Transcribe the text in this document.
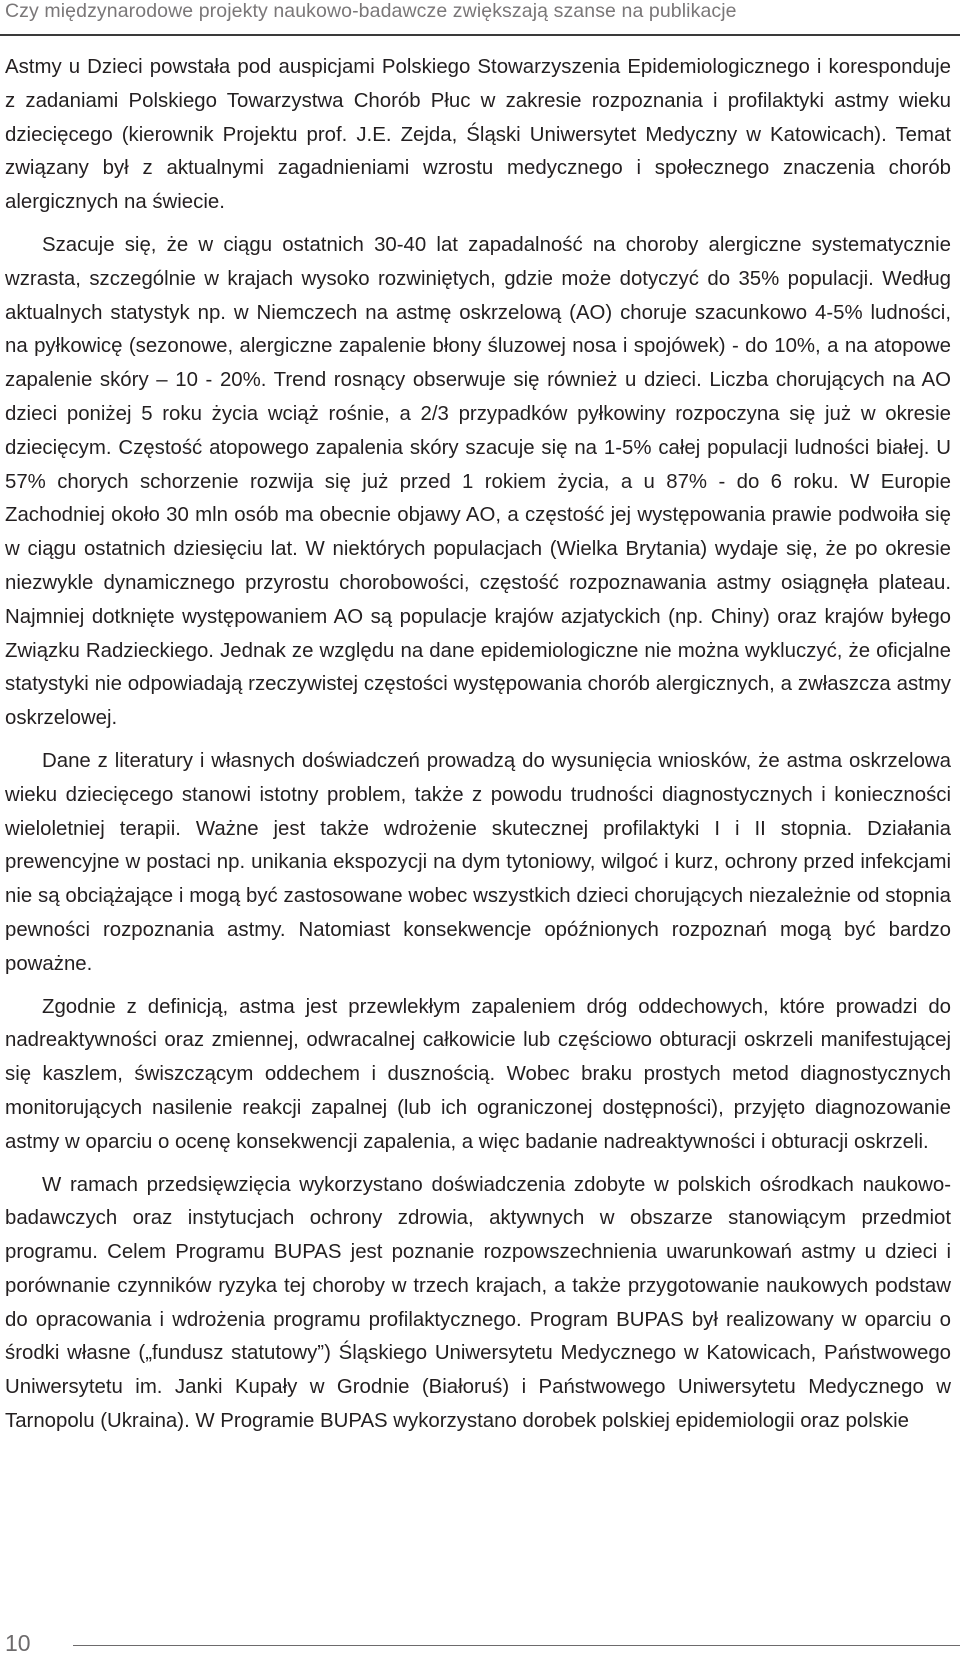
Czy międzynarodowe projekty naukowo-badawcze zwiększają szanse na publikacje

Astmy u Dzieci powstała pod auspicjami Polskiego Stowarzyszenia Epidemiologicznego i koresponduje z zadaniami Polskiego Towarzystwa Chorób Płuc w zakresie rozpoznania i profilaktyki astmy wieku dziecięcego (kierownik Projektu prof. J.E. Zejda, Śląski Uniwersytet Medyczny w Katowicach). Temat związany był z aktualnymi zagadnieniami wzrostu medycznego i społecznego znaczenia chorób alergicznych na świecie.

Szacuje się, że w ciągu ostatnich 30-40 lat zapadalność na choroby alergiczne systematycznie wzrasta, szczególnie w krajach wysoko rozwiniętych, gdzie może dotyczyć do 35% populacji. Według aktualnych statystyk np. w Niemczech na astmę oskrzelową (AO) choruje szacunkowo 4-5% ludności, na pyłkowicę (sezonowe, alergiczne zapalenie błony śluzowej nosa i spojówek) - do 10%, a na atopowe zapalenie skóry – 10 - 20%. Trend rosnący obserwuje się również u dzieci. Liczba chorujących na AO dzieci poniżej 5 roku życia wciąż rośnie, a 2/3 przypadków pyłkowiny rozpoczyna się już w okresie dziecięcym. Częstość atopowego zapalenia skóry szacuje się na 1-5% całej populacji ludności białej. U 57% chorych schorzenie rozwija się już przed 1 rokiem życia, a u 87% - do 6 roku. W Europie Zachodniej około 30 mln osób ma obecnie objawy AO, a częstość jej występowania prawie podwoiła się w ciągu ostatnich dziesięciu lat. W niektórych populacjach (Wielka Brytania) wydaje się, że po okresie niezwykle dynamicznego przyrostu chorobowości, częstość rozpoznawania astmy osiągnęła plateau. Najmniej dotknięte występowaniem AO są populacje krajów azjatyckich (np. Chiny) oraz krajów byłego Związku Radzieckiego. Jednak ze względu na dane epidemiologiczne nie można wykluczyć, że oficjalne statystyki nie odpowiadają rzeczywistej częstości występowania chorób alergicznych, a zwłaszcza astmy oskrzelowej.

Dane z literatury i własnych doświadczeń prowadzą do wysunięcia wniosków, że astma oskrzelowa wieku dziecięcego stanowi istotny problem, także z powodu trudności diagnostycznych i konieczności wieloletniej terapii. Ważne jest także wdrożenie skutecznej profilaktyki I i II stopnia. Działania prewencyjne w postaci np. unikania ekspozycji na dym tytoniowy, wilgoć i kurz, ochrony przed infekcjami nie są obciążające i mogą być zastosowane wobec wszystkich dzieci chorujących niezależnie od stopnia pewności rozpoznania astmy. Natomiast konsekwencje opóźnionych rozpoznań mogą być bardzo poważne.

Zgodnie z definicją, astma jest przewlekłym zapaleniem dróg oddechowych, które prowadzi do nadreaktywności oraz zmiennej, odwracalnej całkowicie lub częściowo obturacji oskrzeli manifestującej się kaszlem, świszczącym oddechem i dusznością. Wobec braku prostych metod diagnostycznych monitorujących nasilenie reakcji zapalnej (lub ich ograniczonej dostępności), przyjęto diagnozowanie astmy w oparciu o ocenę konsekwencji zapalenia, a więc badanie nadreaktywności i obturacji oskrzeli.

W ramach przedsięwzięcia wykorzystano doświadczenia zdobyte w polskich ośrodkach naukowo-badawczych oraz instytucjach ochrony zdrowia, aktywnych w obszarze stanowiącym przedmiot programu. Celem Programu BUPAS jest poznanie rozpowszechnienia uwarunkowań astmy u dzieci i porównanie czynników ryzyka tej choroby w trzech krajach, a także przygotowanie naukowych podstaw do opracowania i wdrożenia programu profilaktycznego. Program BUPAS był realizowany w oparciu o środki własne („fundusz statutowy”) Śląskiego Uniwersytetu Medycznego w Katowicach, Państwowego Uniwersytetu im. Janki Kupały w Grodnie (Białoruś) i Państwowego Uniwersytetu Medycznego w Tarnopolu (Ukraina). W Programie BUPAS wykorzystano dorobek polskiej epidemiologii oraz polskie

10
